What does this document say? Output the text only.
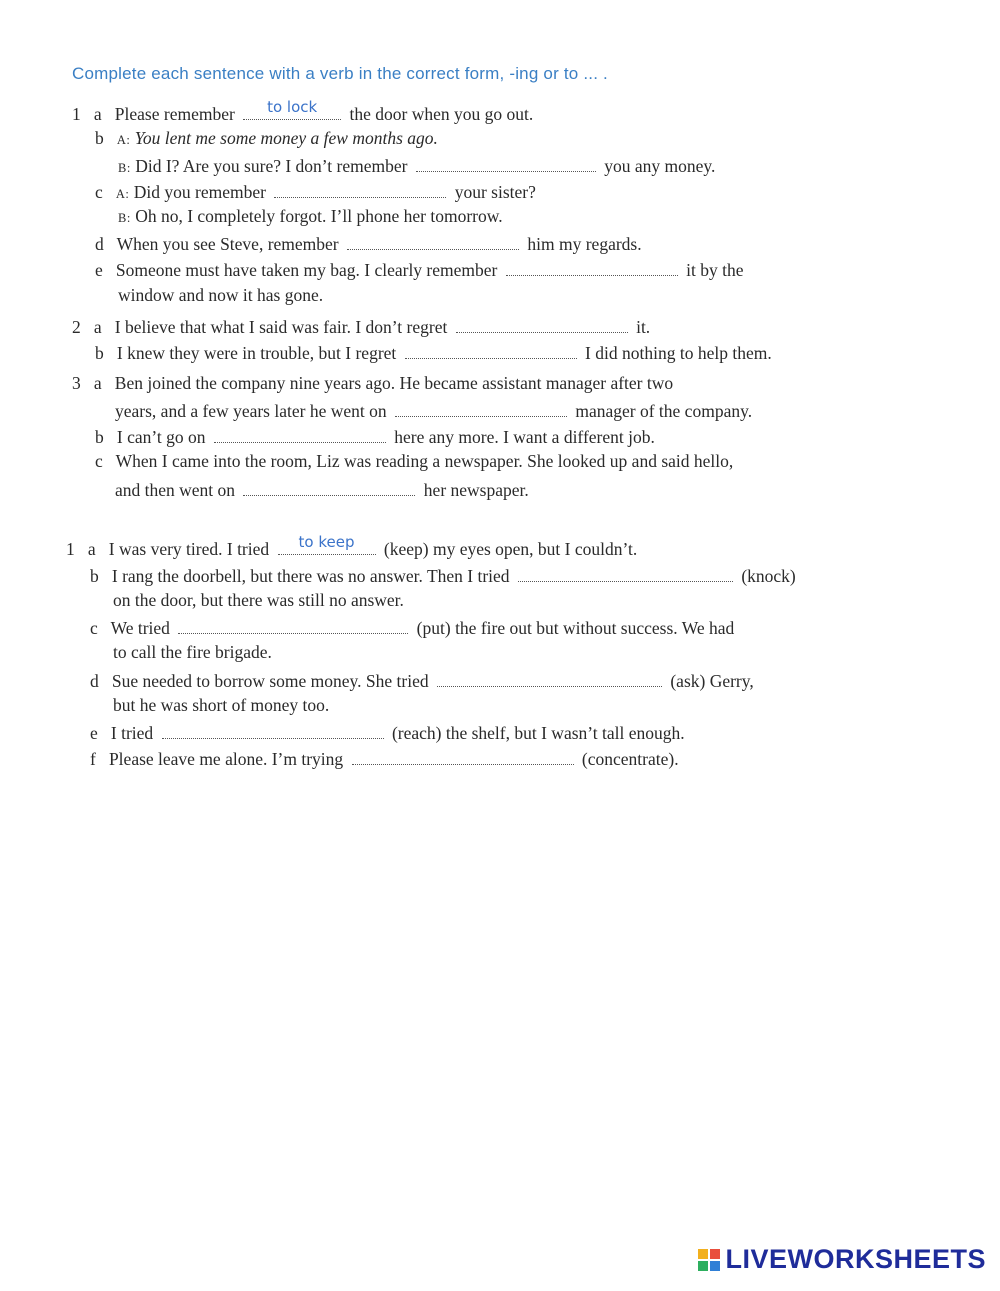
Complete each sentence with a verb in the correct form, -ing or to ... .
1 a Please remember	to lock	the door when you go out.
b A: You lent me some money a few months ago.
B: Did I? Are you sure? I don’t remember	you any money.
c A: Did you remember	your sister?
B: Oh no, I completely forgot. I’ll phone her tomorrow.
d When you see Steve, remember	him my regards.
e Someone must have taken my bag. I clearly remember	it by the
window and now it has gone.
2 a I believe that what I said was fair. I don’t regret	it.
b I knew they were in trouble, but I regret	I did nothing to help them.
3 a Ben joined the company nine years ago. He became assistant manager after two
years, and a few years later he went on	manager of the company.
b I can’t go on	here any more. I want a different job.
c When I came into the room, Liz was reading a newspaper. She looked up and said hello,
and then went on	her newspaper.
1 a I was very tired. I tried	to keep	(keep) my eyes open, but I couldn’t.
b I rang the doorbell, but there was no answer. Then I tried	(knock)
on the door, but there was still no answer.
c We tried	(put) the fire out but without success. We had
to call the fire brigade.
d Sue needed to borrow some money. She tried	(ask) Gerry,
but he was short of money too.
e I tried	(reach) the shelf, but I wasn’t tall enough.
f Please leave me alone. I’m trying	(concentrate).
LIVEWORKSHEETS
